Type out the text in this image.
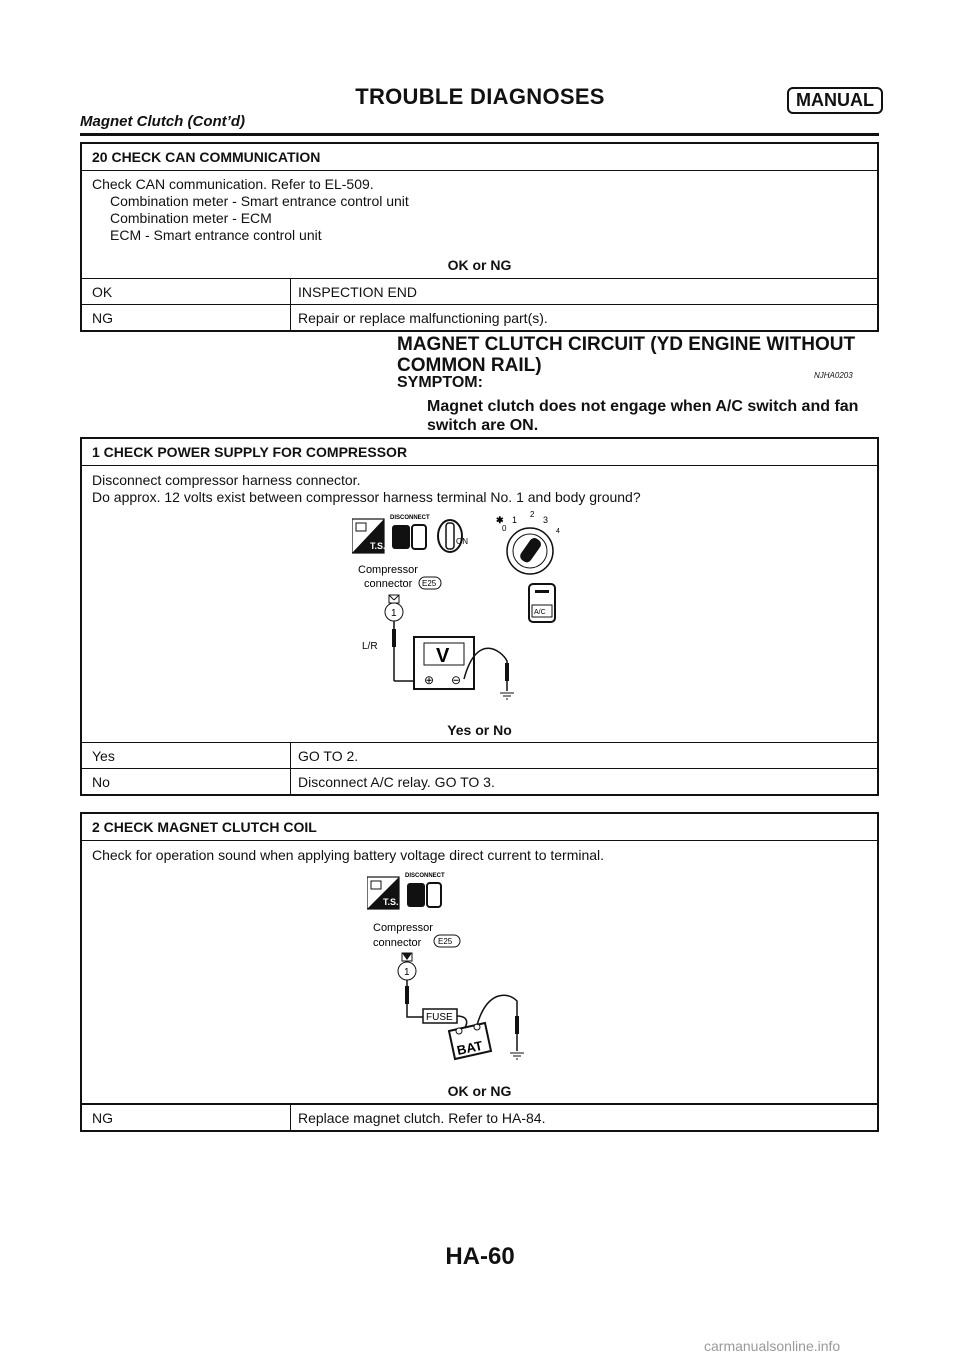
TROUBLE DIAGNOSES	MANUAL
Magnet Clutch (Cont’d)
20 CHECK CAN COMMUNICATION
Check CAN communication. Refer to EL-509.
Combination meter - Smart entrance control unit
Combination meter - ECM
ECM - Smart entrance control unit
OK or NG
OK	INSPECTION END
NG	Repair or replace malfunctioning part(s).
MAGNET CLUTCH CIRCUIT (YD ENGINE WITHOUT COMMON RAIL)	NJHA0203
SYMPTOM:
Magnet clutch does not engage when A/C switch and fan switch are ON.
1 CHECK POWER SUPPLY FOR COMPRESSOR
Disconnect compressor harness connector.
Do approx. 12 volts exist between compressor harness terminal No. 1 and body ground?
T.S.
DISCONNECT
ON
0
1
2
3
4
✱
A/C
Compressor
connector E25
1
L/R	V
⊕ ⊖
Yes or No
Yes	GO TO 2.
No	Disconnect A/C relay. GO TO 3.
2 CHECK MAGNET CLUTCH COIL
Check for operation sound when applying battery voltage direct current to terminal.
T.S.
DISCONNECT
Compressor
connector E25
1
FUSE
BAT
OK or NG
NG	Replace magnet clutch. Refer to HA-84.
HA-60
carmanualsonline.info
